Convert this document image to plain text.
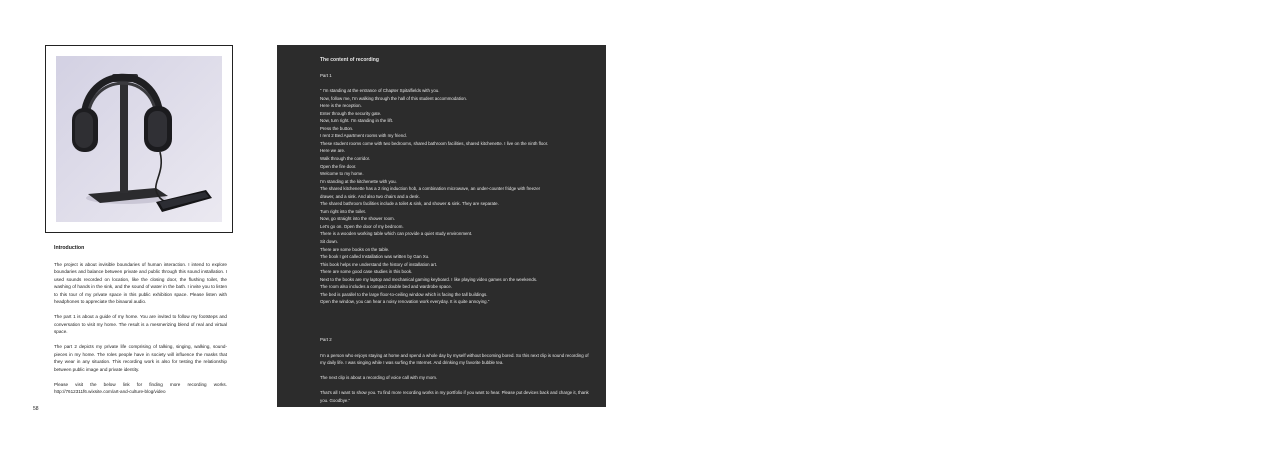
Introduction

The project is about invisible boundaries of human interaction. I intend to explore boundaries and balance between private and public through this sound installation. I used sounds recorded on location, like the closing door, the flushing toilet, the washing of hands in the sink, and the sound of water in the bath. I invite you to listen to this tour of my private space in this public exhibition space. Please listen with headphones to appreciate the binaural audio.

The part 1 is about a guide of my home. You are invited to follow my footsteps and conversation to visit my home. The result is a mesmerizing blend of real and virtual space.

The part 2 depicts my private life comprising of talking, singing, walking, sound-pieces in my home. The roles people have in society will influence the masks that they wear in any situation. This recording work is also for testing the relationship between public image and private identity.

Please visit the below link for finding more recording works. http://7612311f6.wixsite.com/art-and-culture-blog/video

58
The content of recording
Part 1
“ I'm standing at the entrance of Chapter Spitalfields with you.
Now, follow me, I'm walking through the hall of this student accommodation.
Here is the reception.
Enter through the security gate.
Now, turn right. I'm standing in the lift.
Press the button.
I rent 2 Bed Apartment rooms with my friend.
These student rooms come with two bedrooms, shared bathroom facilities, shared kitchenette. I live on the ninth floor.
Here we are.
Walk through the corridor.
Open the fire door.
Welcome to my home.
I'm standing at the kitchenette with you.
The shared kitchenette has a 2 ring induction hob, a combination microwave, an under-counter fridge with freezer
drawer, and a sink. And also two chairs and a desk.
The shared bathroom facilities include a toilet & sink, and shower & sink. They are separate.
Turn right into the toilet.
Now, go straight into the shower room.
Let's go on. Open the door of my bedroom.
There is a wooden working table which can provide a quiet study environment.
Sit down.
There are some books on the table.
The book I get called Installation was written by Gan Xu.
This book helps me understand the history of installation art.
There are some good case studies in this book.
Next to the books are my laptop and mechanical gaming keyboard. I like playing video games on the weekends.
The room also includes a compact double bed and wardrobe space.
The bed is parallel to the large floor-to-ceiling window which is facing the tall buildings.
Open the window, you can hear a noisy renovation work everyday. It is quite annoying.”
Part 2

I'm a person who enjoys staying at home and spend a whole day by myself without becoming bored. So this next clip is sound recording of my daily life. I was singing while I was surfing the Internet. And drinking my favorite bubble tea.

The next clip is about a recording of voice call with my mom.

That's all I want to show you. To find more recording works in my portfolio if you want to hear. Please put devices back and charge it, thank you. Goodbye.”
